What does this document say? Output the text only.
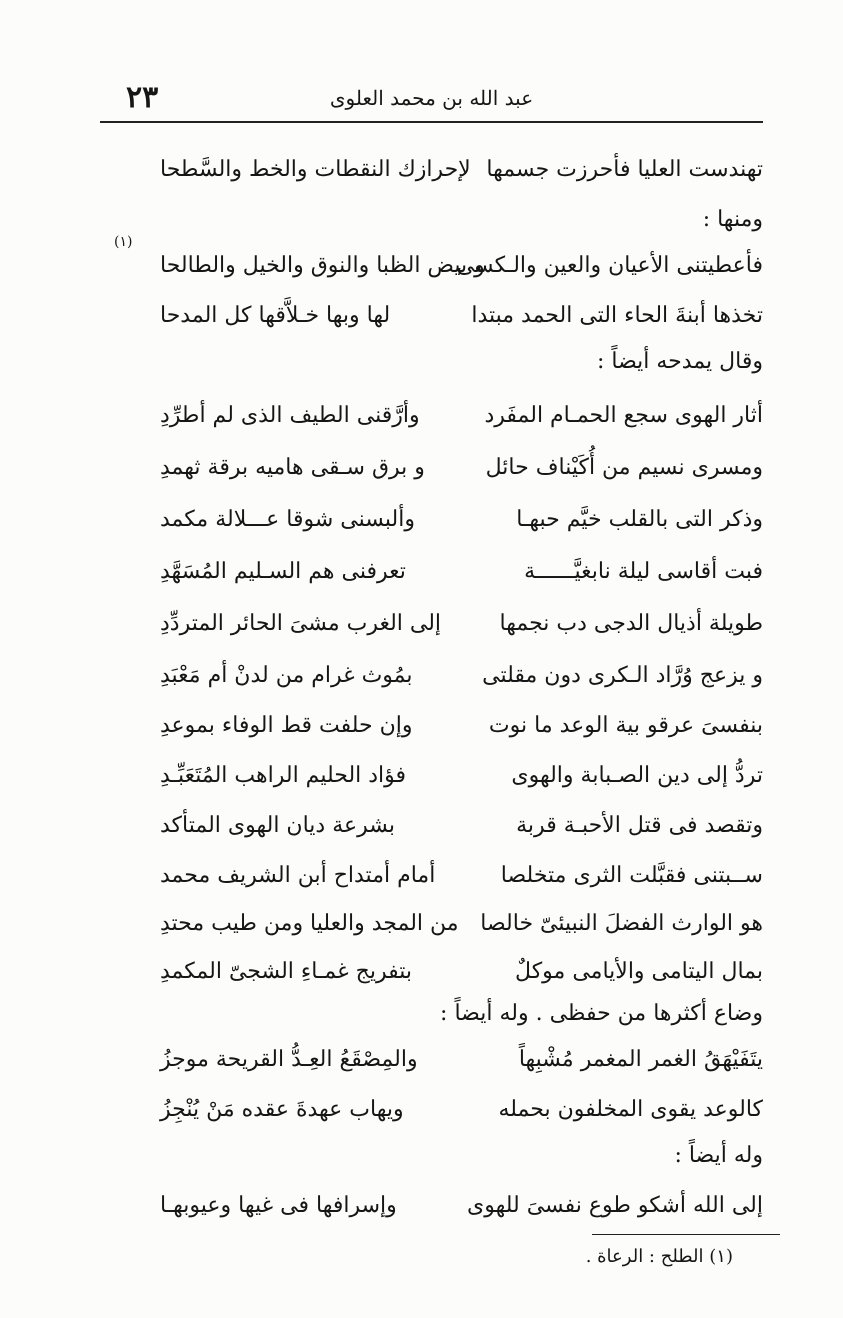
٢٣	عبد الله بن محمد العلوى
تهندست العليا فأحرزت جسمها
لإحرازك النقطات والخط والسَّطحا
ومنها :
فأعطيتنى الأعيان والعين والـكسى
و بيض الظبا والنوق والخيل والطالحا
(١)
تخذها أبنةَ الحاء التى الحمد مبتدا
لها وبها خـلاَّقها كل المدحا
وقال يمدحه أيضاً :
أثار الهوى سجع الحمـام المفَرد
وأرَّقنى الطيف الذى لم أطرِّدِ
ومسرى نسيم من أُكَيْناف حائل
و برق سـقى هاميه برقة ثهمدِ
وذكر التى بالقلب خيَّم حبهـا
وألبسنى شوقا عـــلالة مكمد
فبت أقاسى ليلة نابغيَّــــــة
تعرفنى هم السـليم المُسَهَّدِ
طويلة أذيال الدجى دب نجمها
إلى الغرب مشىَ الحائر المتردِّدِ
و يزعج وُرَّاد الـكرى دون مقلتى
بمُوث غرام من لدنْ أم مَعْبَدِ
بنفسىَ عرقو بية الوعد ما نوت
وإن حلفت قط الوفاء بموعدِ
تردُّ إلى دين الصـبابة والهوى
فؤاد الحليم الراهب المُتَعَبِّـدِ
وتقصد فى قتل الأحبـة قربة
بشرعة ديان الهوى المتأكد
ســبتنى فقبَّلت الثرى متخلصا
أمام أمتداح أبن الشريف محمد
هو الوارث الفضلَ النبيئىّ خالصا
من المجد والعليا ومن طيب محتدِ
بمال اليتامى والأيامى موكلٌ
بتفريج غمـاءِ الشجىّ المكمدِ
وضاع أكثرها من حفظى . وله أيضاً :
يتَفَيْهَقُ الغمر المغمر مُشْبِهاً
والمِصْقَعُ العِـدُّ القريحة موجزُ
كالوعد يقوى المخلفون بحمله
ويهاب عهدةَ عقده مَنْ يُنْجِزُ
وله أيضاً :
إلى الله أشكو طوع نفسىَ للهوى
وإسرافها فى غيها وعيوبهـا
(١) الطلح : الرعاة .
